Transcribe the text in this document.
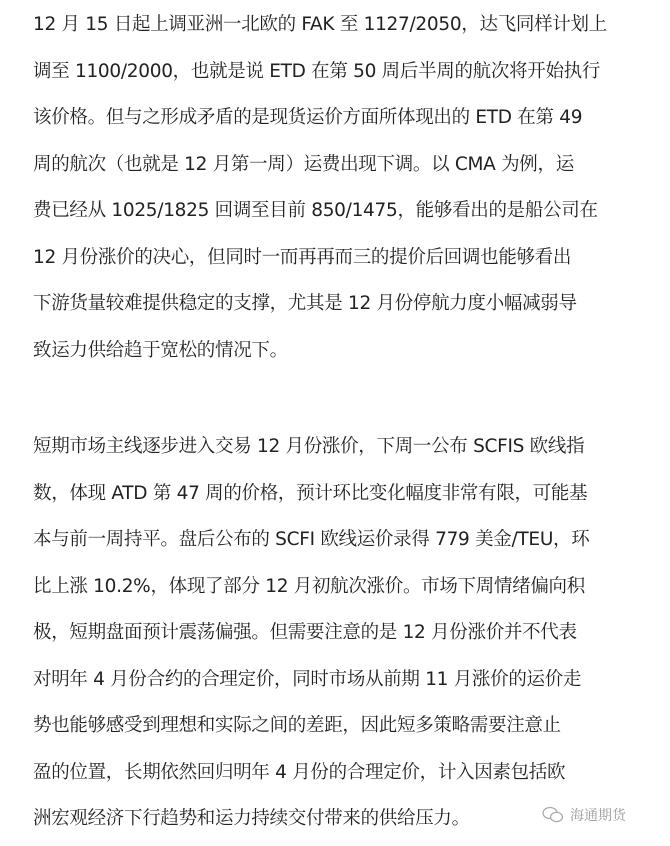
12 月 15 日起上调亚洲一北欧的 FAK 至 1127/2050，达飞同样计划上
调至 1100/2000，也就是说 ETD 在第 50 周后半周的航次将开始执行
该价格。但与之形成矛盾的是现货运价方面所体现出的 ETD 在第 49
周的航次（也就是 12 月第一周）运费出现下调。以 CMA 为例，运
费已经从 1025/1825 回调至目前 850/1475，能够看出的是船公司在
12 月份涨价的决心，但同时一而再再而三的提价后回调也能够看出
下游货量较难提供稳定的支撑，尤其是 12 月份停航力度小幅减弱导
致运力供给趋于宽松的情况下。
短期市场主线逐步进入交易 12 月份涨价，下周一公布 SCFIS 欧线指
数，体现 ATD 第 47 周的价格，预计环比变化幅度非常有限，可能基
本与前一周持平。盘后公布的 SCFI 欧线运价录得 779 美金/TEU，环
比上涨 10.2%，体现了部分 12 月初航次涨价。市场下周情绪偏向积
极，短期盘面预计震荡偏强。但需要注意的是 12 月份涨价并不代表
对明年 4 月份合约的合理定价，同时市场从前期 11 月涨价的运价走
势也能够感受到理想和实际之间的差距，因此短多策略需要注意止
盈的位置，长期依然回归明年 4 月份的合理定价，计入因素包括欧
洲宏观经济下行趋势和运力持续交付带来的供给压力。	海通期货
